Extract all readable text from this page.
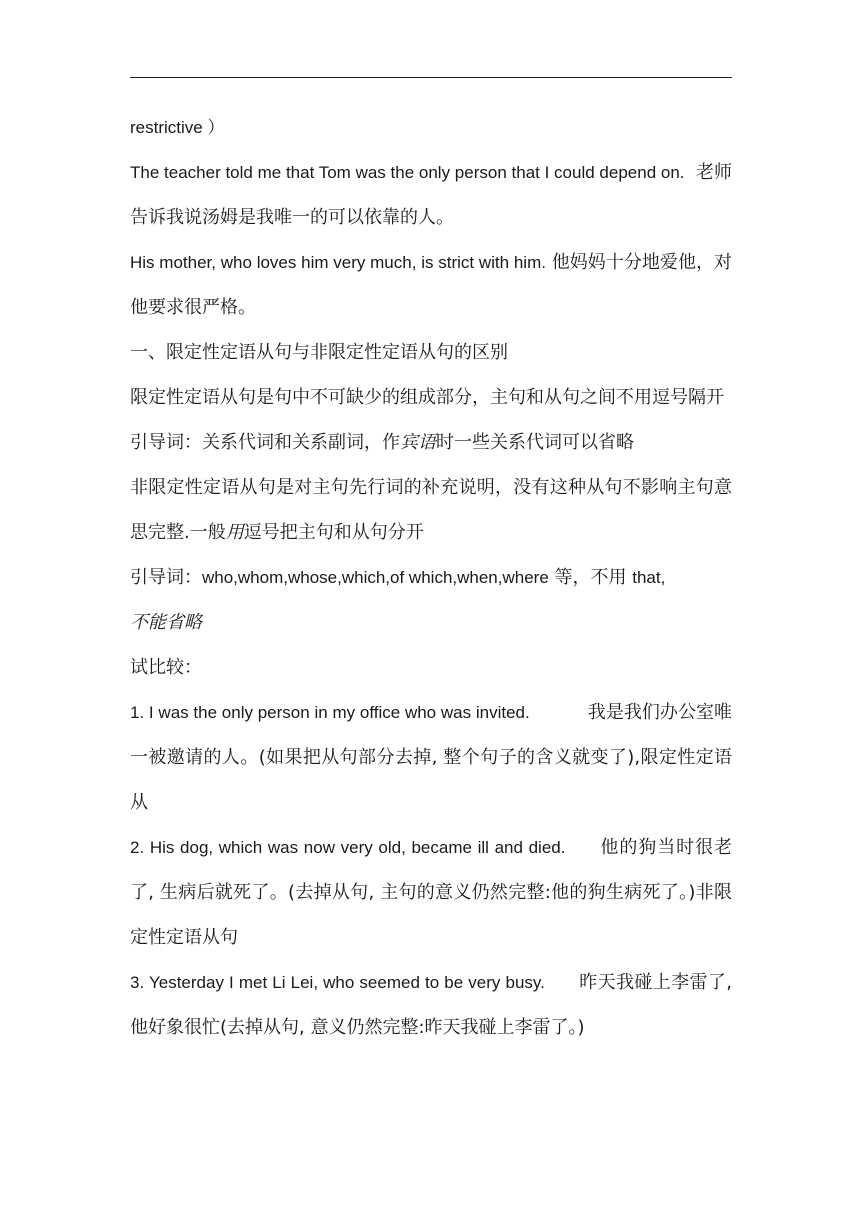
restrictive ）

The teacher told me that Tom was the only person that I could depend on. 老师告诉我说汤姆是我唯一的可以依靠的人。

His mother, who loves him very much, is strict with him. 他妈妈十分地爱他，对他要求很严格。

一、限定性定语从句与非限定性定语从句的区别

限定性定语从句是句中不可缺少的组成部分，主句和从句之间不用逗号隔开

引导词：关系代词和关系副词，作宾语时一些关系代词可以省略

非限定性定语从句是对主句先行词的补充说明，没有这种从句不影响主句意思完整.一般用逗号把主句和从句分开

引导词：who,whom,whose,which,of which,when,where 等，不用 that,
不能省略

试比较：

1. I was the only person in my office who was invited.	我是我们办公室唯一被邀请的人。(如果把从句部分去掉, 整个句子的含义就变了),限定性定语从

2. His dog, which was now very old, became ill and died. 他的狗当时很老了, 生病后就死了。(去掉从句, 主句的意义仍然完整:他的狗生病死了。)非限定性定语从句

3. Yesterday I met Li Lei, who seemed to be very busy. 昨天我碰上李雷了,他好象很忙(去掉从句, 意义仍然完整:昨天我碰上李雷了。)
